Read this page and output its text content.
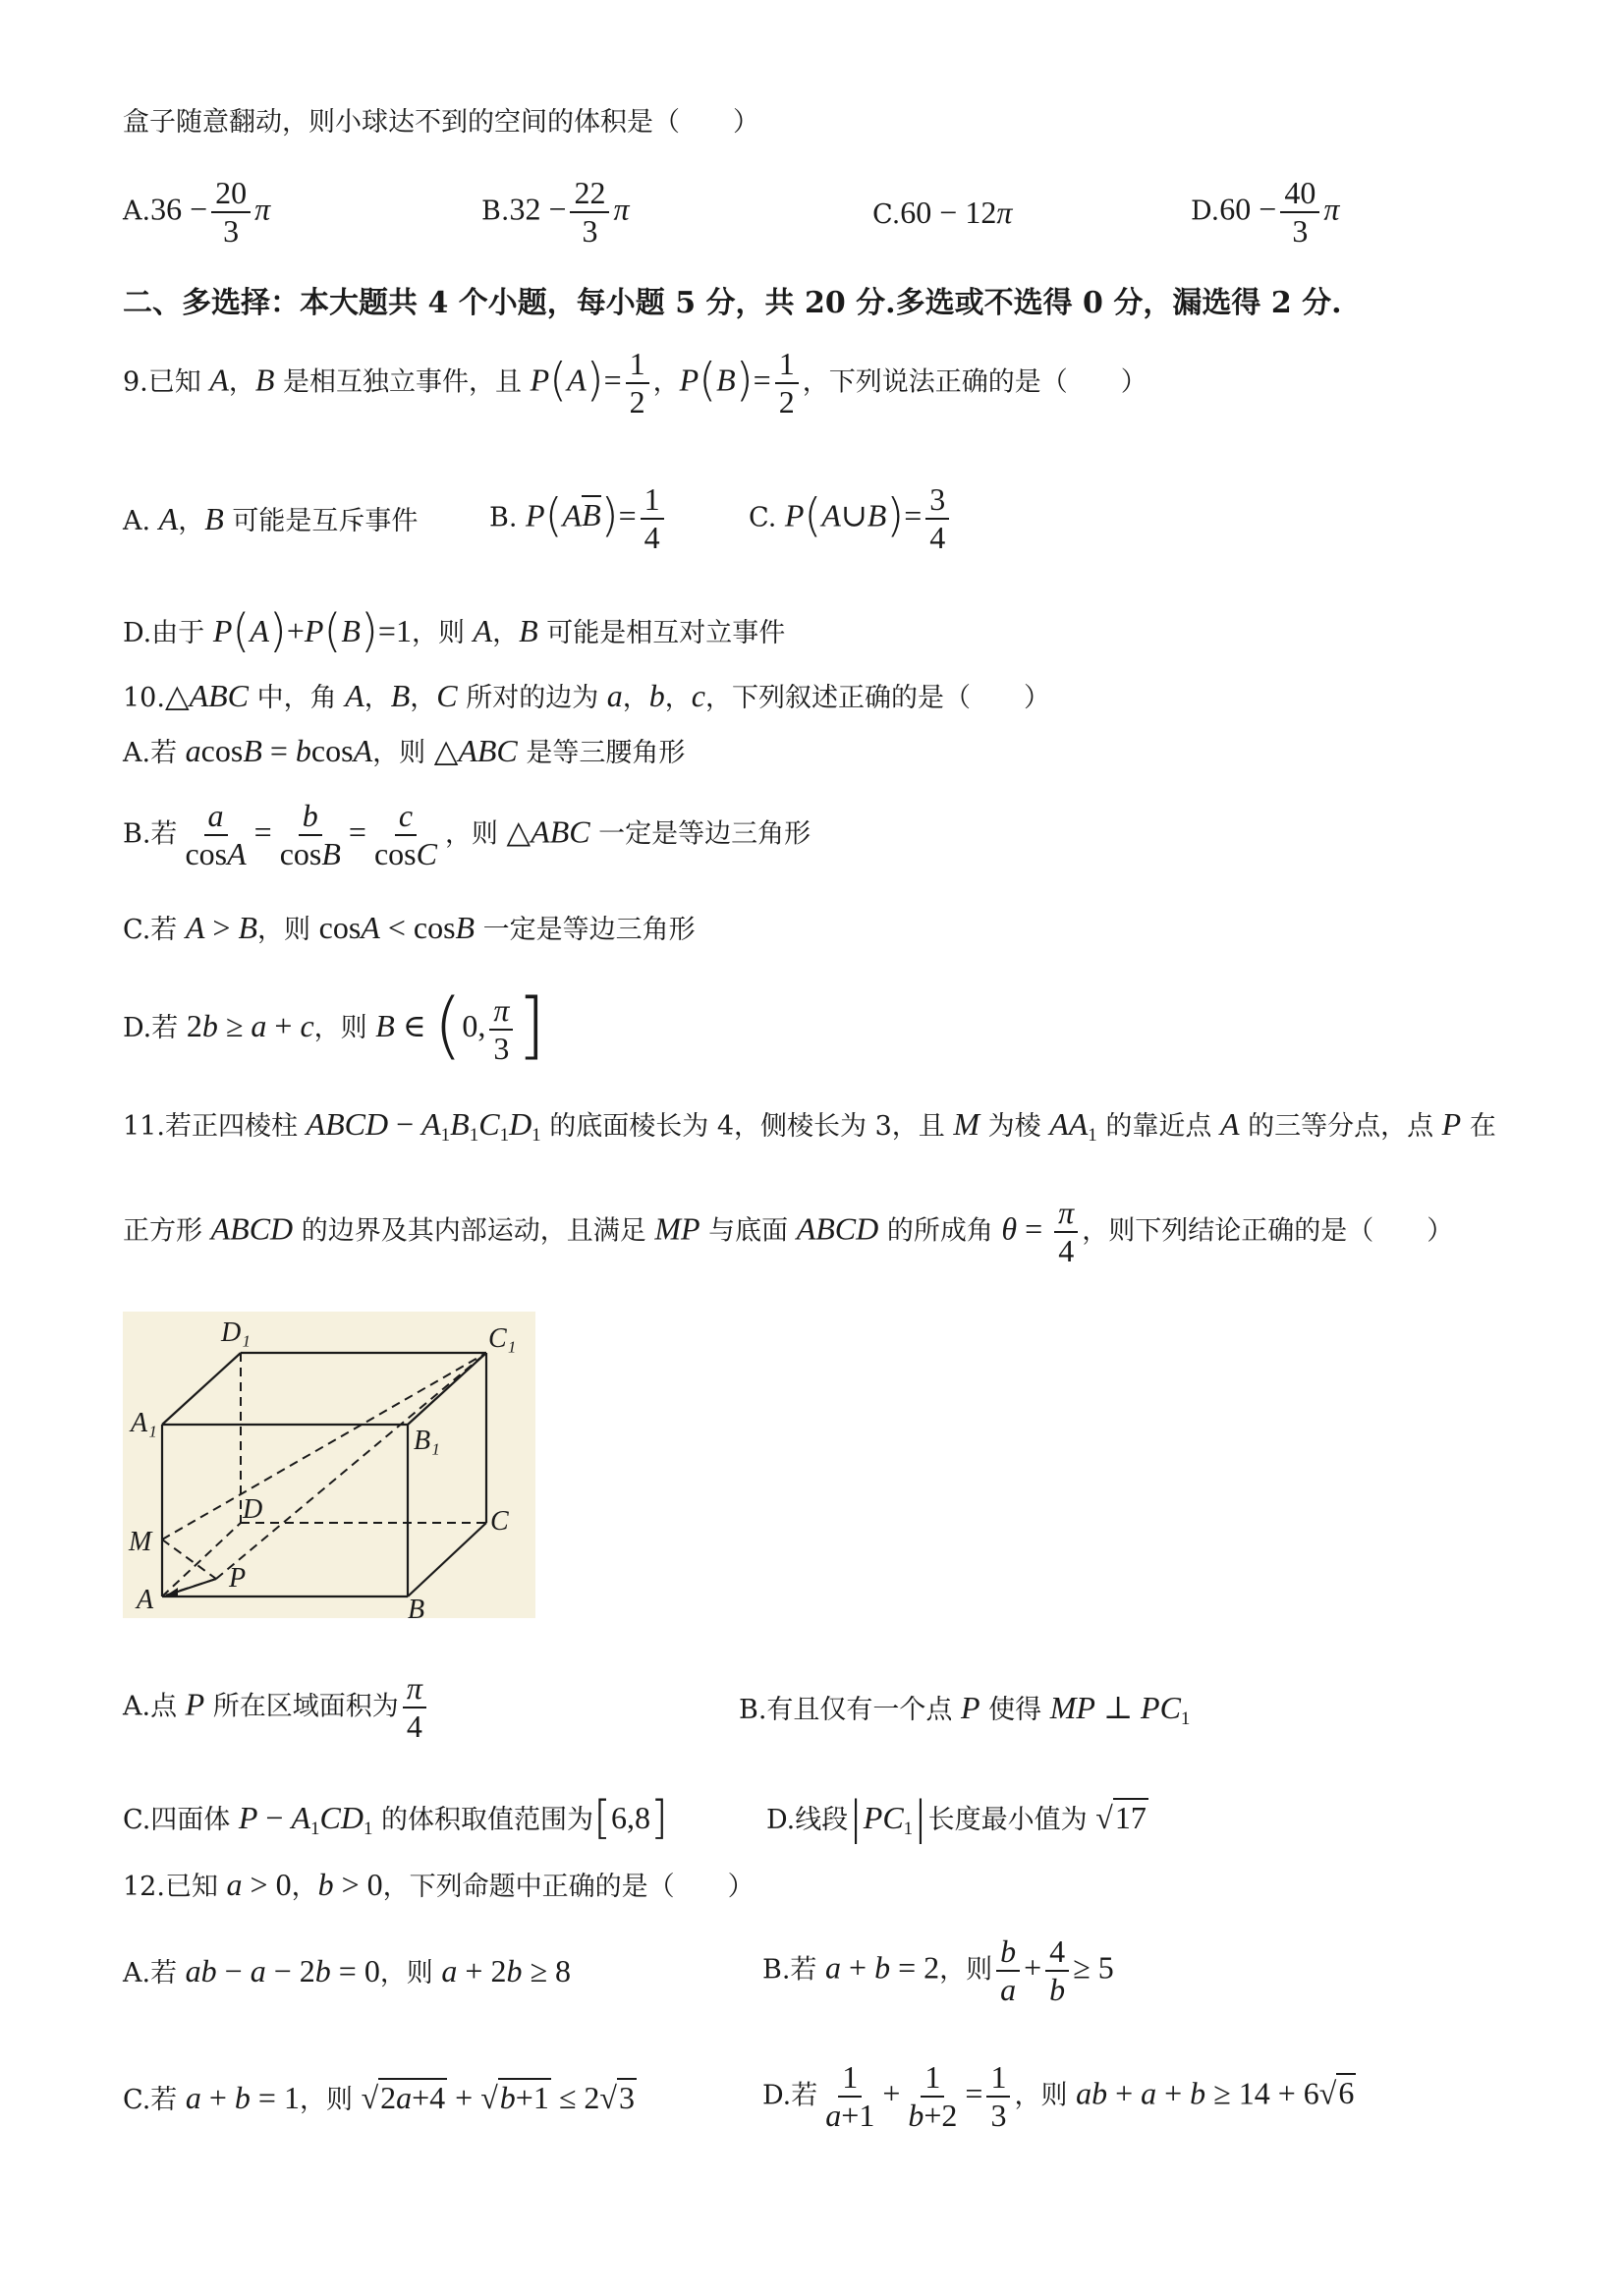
盒子随意翻动，则小球达不到的空间的体积是（　　）
$A.36 - \frac{20}{3}$ π	$B.32 - \frac{22}{3}$ π	C.60 − 12π	$D.60 - \frac{40}{3}$ π
二、多选择：本大题共 4 个小题，每小题 5 分，共 20 分.多选或不选得 0 分，漏选得 2 分.
9.已知 A，B 是相互独立事件，且 $P(A)= \frac{1}{2}$ ，$P(B)= \frac{1}{2}$ ，下列说法正确的是（　　）
A. A，B 可能是互斥事件	B. $P(AB)= \frac{1}{4}$	C. P(A∪B)= $\frac{3}{4}$
D.由于 P(A)+P(B)=1，则 A，B 可能是相互对立事件
10.△ABC 中，角 A，B，C 所对的边为 a，b，c，下列叙述正确的是（　　）
A.若 acosB = bcosA，则 △ABC 是等三腰角形
B.若 $\frac{a}{\cos A} = \frac{b}{\cos B} = \frac{c}{\cos C}$ ，则 △ABC 一定是等边三角形
C.若 A > B，则 cosA < cosB 一定是等边三角形
D.若 2b ≥ a + c，则 B ∈ (0, $\frac{\pi}{3}$ ]
11.若正四棱柱 ABCD − $A_1B_1C_1D_1$ 的底面棱长为 4，侧棱长为 3，且 M 为棱 $AA_1$ 的靠近点 A 的三等分点，点 P 在
正方形 ABCD 的边界及其内部运动，且满足 MP 与底面 ABCD 的所成角 $\theta = \frac{\pi}{4}$ ，则下列结论正确的是（　　）
D₁	C₁
A₁
B₁
D	C
M
A
P
B
A.点 P 所在区域面积为 $\frac{\pi}{4}$	B.有且仅有一个点 P 使得 MP ⊥ $PC_1$
C.四面体 $P - A_1CD_1$ 的体积取值范围为[6,8]	D.线段$|PC_1|$长度最小值为 √17
12.已知 a > 0，b > 0，下列命题中正确的是（　　）
A.若 ab − a − 2b = 0，则 a + 2b ≥ 8	B.若 a + b = 2，则 $\frac{b}{a} + \frac{4}{b} \ge 5$
C.若 a + b = 1，则 √2a+4 + √b+1 ≤ 2√3	D.若 $\frac{1}{a+1} + \frac{1}{b+2} = \frac{1}{3}$ ，则 ab + a + b ≥ 14 + 6√6
